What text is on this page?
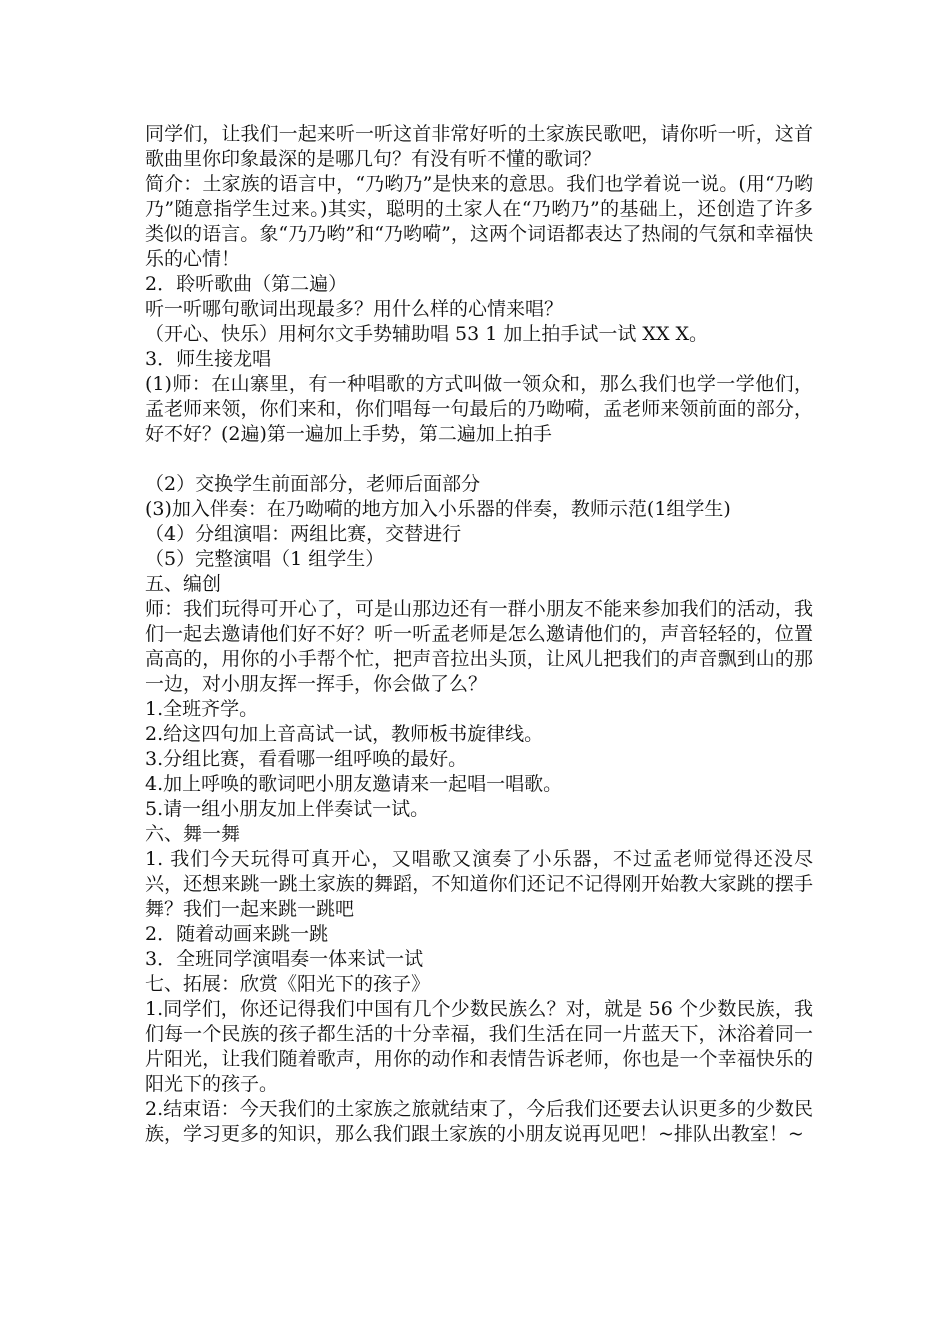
同学们，让我们一起来听一听这首非常好听的土家族民歌吧，请你听一听，这首歌曲里你印象最深的是哪几句？有没有听不懂的歌词？

简介：土家族的语言中，“乃哟乃”是快来的意思。我们也学着说一说。(用“乃哟乃”随意指学生过来。)其实，聪明的土家人在“乃哟乃”的基础上，还创造了许多类似的语言。象“乃乃哟”和“乃哟嗬”，这两个词语都表达了热闹的气氛和幸福快乐的心情！

2．聆听歌曲（第二遍）

听一听哪句歌词出现最多？用什么样的心情来唱？

（开心、快乐）用柯尔文手势辅助唱 53 1 加上拍手试一试 XX X。

3．师生接龙唱

(1)师：在山寨里，有一种唱歌的方式叫做一领众和，那么我们也学一学他们，孟老师来领，你们来和，你们唱每一句最后的乃呦嗬，孟老师来领前面的部分，好不好？(2遍)第一遍加上手势，第二遍加上拍手

（2）交换学生前面部分，老师后面部分

(3)加入伴奏：在乃呦嗬的地方加入小乐器的伴奏，教师示范(1组学生)

（4）分组演唱：两组比赛，交替进行

（5）完整演唱（1 组学生）

五、编创

师：我们玩得可开心了，可是山那边还有一群小朋友不能来参加我们的活动，我们一起去邀请他们好不好？听一听孟老师是怎么邀请他们的，声音轻轻的，位置高高的，用你的小手帮个忙，把声音拉出头顶，让风儿把我们的声音飘到山的那一边，对小朋友挥一挥手，你会做了么？

1.全班齐学。

2.给这四句加上音高试一试，教师板书旋律线。

3.分组比赛，看看哪一组呼唤的最好。

4.加上呼唤的歌词吧小朋友邀请来一起唱一唱歌。

5.请一组小朋友加上伴奏试一试。

六、舞一舞

1. 我们今天玩得可真开心，又唱歌又演奏了小乐器，不过孟老师觉得还没尽兴，还想来跳一跳土家族的舞蹈，不知道你们还记不记得刚开始教大家跳的摆手舞？我们一起来跳一跳吧

2．随着动画来跳一跳

3．全班同学演唱奏一体来试一试

七、拓展：欣赏《阳光下的孩子》

1.同学们，你还记得我们中国有几个少数民族么？对，就是 56 个少数民族，我们每一个民族的孩子都生活的十分幸福，我们生活在同一片蓝天下，沐浴着同一片阳光，让我们随着歌声，用你的动作和表情告诉老师，你也是一个幸福快乐的阳光下的孩子。

2.结束语：今天我们的土家族之旅就结束了，今后我们还要去认识更多的少数民族，学习更多的知识，那么我们跟土家族的小朋友说再见吧！~排队出教室！~
